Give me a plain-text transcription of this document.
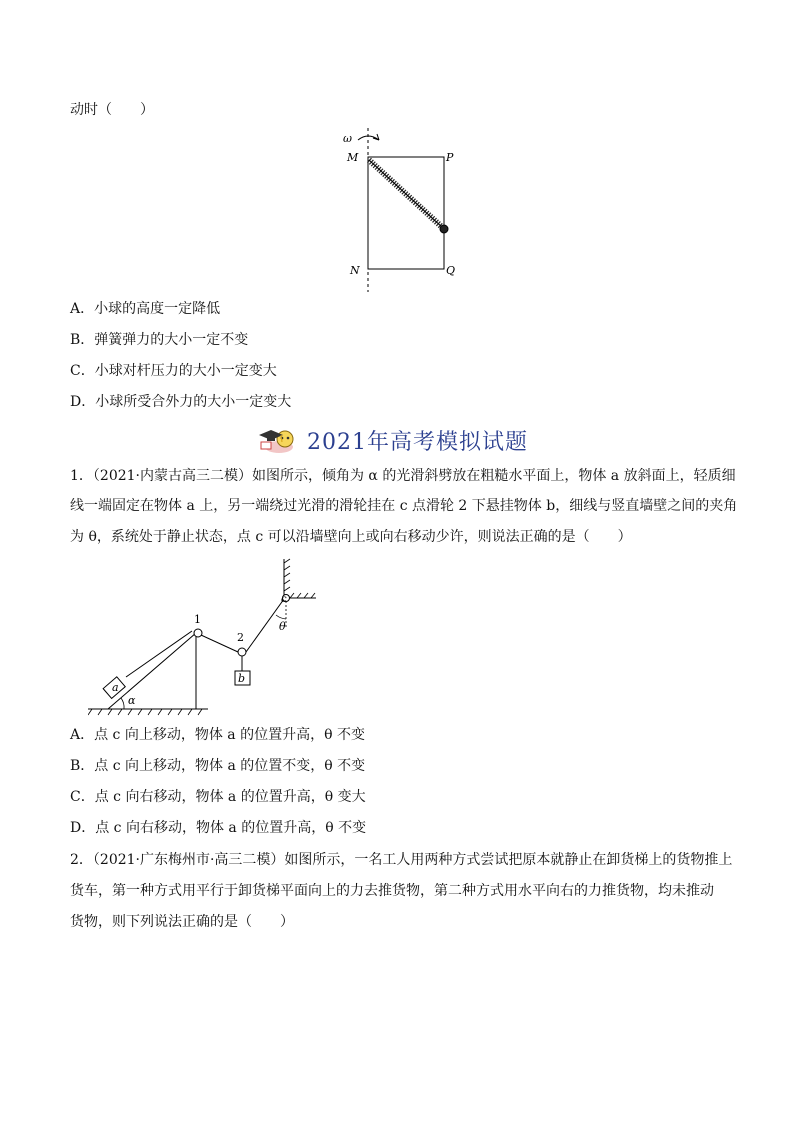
动时（　　）
ω
M	P
N	Q
A．小球的高度一定降低
B．弹簧弹力的大小一定不变
C．小球对杆压力的大小一定变大
D．小球所受合外力的大小一定变大
2021年高考模拟试题
1．（2021·内蒙古高三二模）如图所示，倾角为 α 的光滑斜劈放在粗糙水平面上，物体 a 放斜面上，轻质细
线一端固定在物体 a 上，另一端绕过光滑的滑轮挂在 c 点滑轮 2 下悬挂物体 b，细线与竖直墙壁之间的夹角
为 θ，系统处于静止状态，点 c 可以沿墙壁向上或向右移动少许，则说法正确的是（　　）
a
α
1
2
b
c
θ
A．点 c 向上移动，物体 a 的位置升高，θ 不变
B．点 c 向上移动，物体 a 的位置不变，θ 不变
C．点 c 向右移动，物体 a 的位置升高，θ 变大
D．点 c 向右移动，物体 a 的位置升高，θ 不变
2．（2021·广东梅州市·高三二模）如图所示，一名工人用两种方式尝试把原本就静止在卸货梯上的货物推上
货车，第一种方式用平行于卸货梯平面向上的力去推货物，第二种方式用水平向右的力推货物，均未推动
货物，则下列说法正确的是（　　）
